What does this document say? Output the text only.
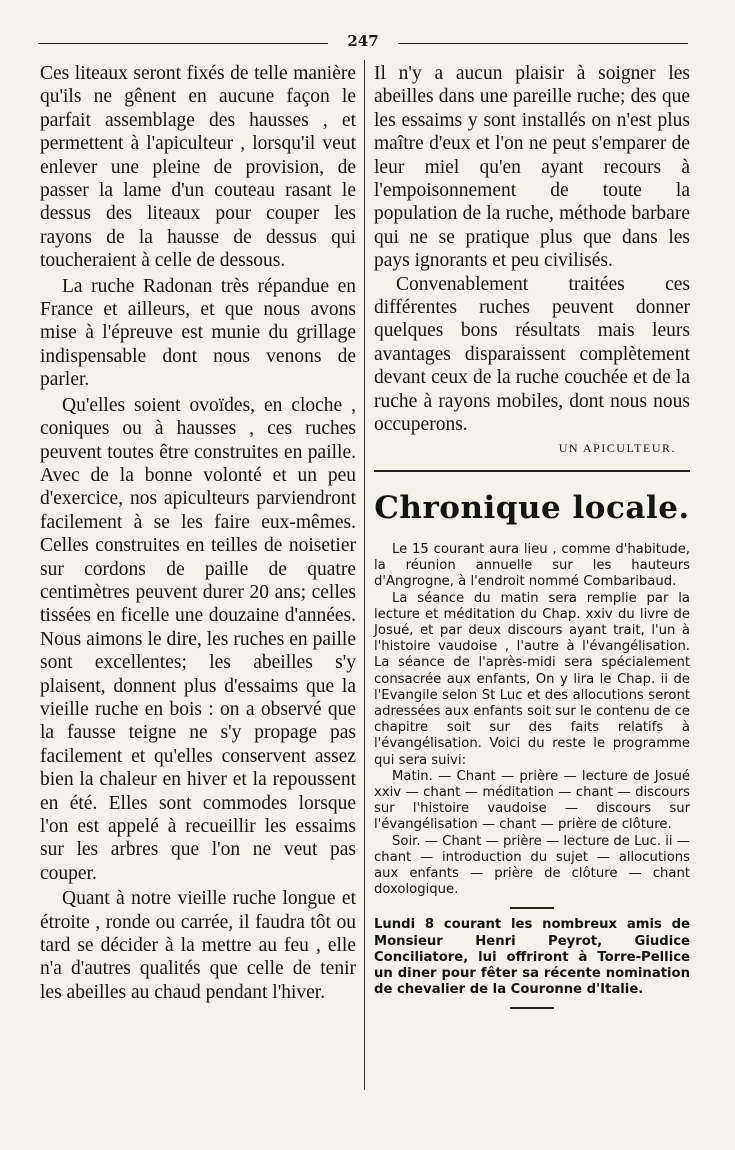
247

Ces liteaux seront fixés de telle manière qu'ils ne gênent en aucune façon le parfait assemblage des hausses , et permettent à l'apiculteur , lorsqu'il veut enlever une pleine de provision, de passer la lame d'un couteau rasant le dessus des liteaux pour couper les rayons de la hausse de dessus qui toucheraient à celle de dessous.

La ruche Radonan très répandue en France et ailleurs, et que nous avons mise à l'épreuve est munie du grillage indispensable dont nous venons de parler.

Qu'elles soient ovoïdes, en cloche , coniques ou à hausses , ces ruches peuvent toutes être construites en paille. Avec de la bonne volonté et un peu d'exercice, nos apiculteurs parviendront facilement à se les faire eux-mêmes. Celles construites en teilles de noisetier sur cordons de paille de quatre centimètres peuvent durer 20 ans; celles tissées en ficelle une douzaine d'années. Nous aimons le dire, les ruches en paille sont excellentes; les abeilles s'y plaisent, donnent plus d'essaims que la vieille ruche en bois : on a observé que la fausse teigne ne s'y propage pas facilement et qu'elles conservent assez bien la chaleur en hiver et la repoussent en été. Elles sont commodes lorsque l'on est appelé à recueillir les essaims sur les arbres que l'on ne veut pas couper.

Quant à notre vieille ruche longue et étroite , ronde ou carrée, il faudra tôt ou tard se décider à la mettre au feu , elle n'a d'autres qualités que celle de tenir les abeilles au chaud pendant l'hiver.

Il n'y a aucun plaisir à soigner les abeilles dans une pareille ruche; des que les essaims y sont installés on n'est plus maître d'eux et l'on ne peut s'emparer de leur miel qu'en ayant recours à l'empoisonnement de toute la population de la ruche, méthode barbare qui ne se pratique plus que dans les pays ignorants et peu civilisés.

Convenablement traitées ces différentes ruches peuvent donner quelques bons résultats mais leurs avantages disparaissent complètement devant ceux de la ruche couchée et de la ruche à rayons mobiles, dont nous nous occuperons.

UN APICULTEUR.
Chronique locale.

Le 15 courant aura lieu , comme d'habitude, la réunion annuelle sur les hauteurs d'Angrogne, à l'endroit nommé Combaribaud.

La séance du matin sera remplie par la lecture et méditation du Chap. xxiv du livre de Josué, et par deux discours ayant trait, l'un à l'histoire vaudoise , l'autre à l'évangélisation. La séance de l'après-midi sera spécialement consacrée aux enfants, On y lira le Chap. ii de l'Evangile selon St Luc et des allocutions seront adressées aux enfants soit sur le contenu de ce chapitre soit sur des faits relatifs à l'évangélisation. Voici du reste le programme qui sera suivi:

Matin. — Chant — prière — lecture de Josué xxiv — chant — méditation — chant — discours sur l'histoire vaudoise — discours sur l'évangélisation — chant — prière de clôture.

Soir. — Chant — prière — lecture de Luc. ii — chant — introduction du sujet — allocutions aux enfants — prière de clôture — chant doxologique.

Lundi 8 courant les nombreux amis de Monsieur Henri Peyrot, Giudice Conciliatore, lui offriront à Torre-Pellice un diner pour fêter sa récente nomination de chevalier de la Couronne d'Italie.
